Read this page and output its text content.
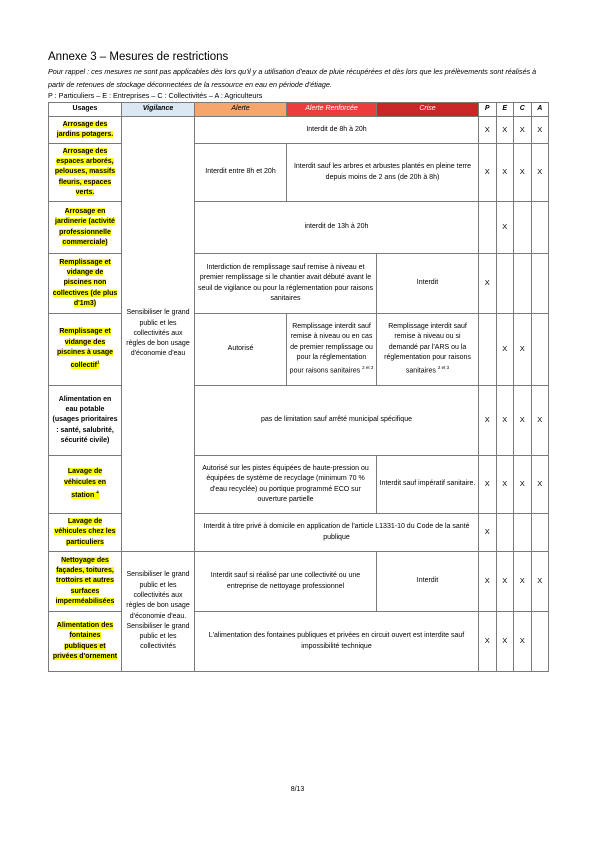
Annexe 3 – Mesures de restrictions
Pour rappel : ces mesures ne sont pas applicables dès lors qu'il y a utilisation d'eaux de pluie récupérées et dès lors que les prélèvements sont réalisés à partir de retenues de stockage déconnectées de la ressource en eau en période d'étiage.
P : Particuliers – E : Entreprises – C : Collectivités – A : Agriculteurs
Usages	Vigilance	Alerte	Alerte Renforcée	Crise	P	E	C	A
Arrosage des jardins potagers.	Sensibiliser le grand public et les collectivités aux règles de bon usage d'économie d'eau	Interdit de 8h à 20h			X	X	X	X
Arrosage des espaces arborés, pelouses, massifs fleuris, espaces verts.		Interdit entre 8h et 20h	Interdit sauf les arbres et arbustes plantés en pleine terre depuis moins de 2 ans (de 20h à 8h)		X	X	X	X
Arrosage en jardinerie (activité professionnelle commerciale)		interdit de 13h à 20h				X		
Remplissage et vidange de piscines non collectives (de plus d'1m3)		Interdiction de remplissage sauf remise à niveau et premier remplissage si le chantier avait débuté avant le seuil de vigilance ou pour la réglementation pour raisons sanitaires		Interdit	X			
Remplissage et vidange des piscines à usage collectif$^1$		Autorisé	Remplissage interdit sauf remise à niveau ou en cas de premier remplissage ou pour la réglementation pour raisons sanitaires $^{2 et 3}$	Remplissage interdit sauf remise à niveau ou si demandé par l'ARS ou la réglementation pour raisons sanitaires $^{2 et 3}$		X	X	
Alimentation en eau potable (usages prioritaires : santé, salubrité, sécurité civile)		pas de limitation sauf arrêté municipal spécifique			X	X	X	X
Lavage de véhicules en station $^4$		Autorisé sur les pistes équipées de haute-pression ou équipées de système de recyclage (minimum 70 % d'eau recyclée) ou portique programmé ECO sur ouverture partielle		Interdit sauf impératif sanitaire.	X	X	X	X
Lavage de véhicules chez les particuliers		Interdit à titre privé à domicile en application de l'article L1331-10 du Code de la santé publique			X			
Nettoyage des façades, toitures, trottoirs et autres surfaces imperméabilisées	Sensibiliser le grand public et les collectivités aux règles de bon usage d'économie d'eau. Sensibiliser le grand public et les collectivités	Interdit sauf si réalisé par une collectivité ou une entreprise de nettoyage professionnel		Interdit	X	X	X	X
Alimentation des fontaines publiques et privées d'ornement		L'alimentation des fontaines publiques et privées en circuit ouvert est interdite sauf impossibilité technique			X	X	X	
8/13
